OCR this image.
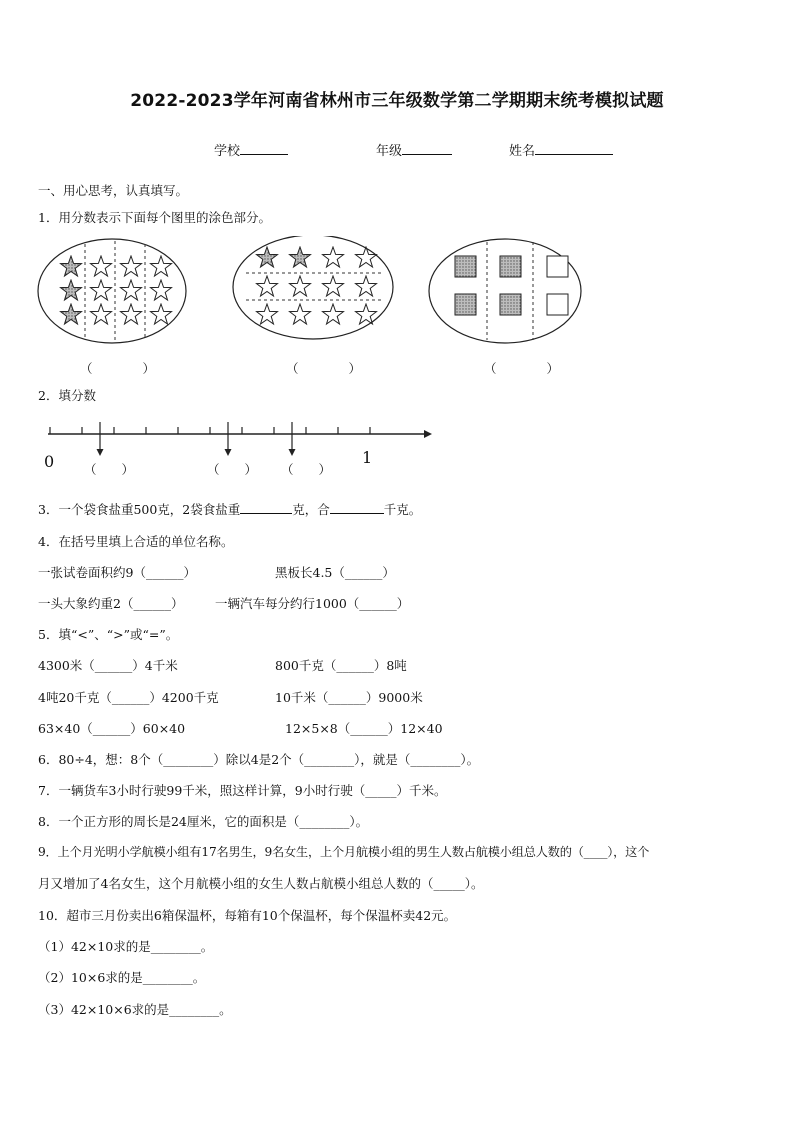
2022-2023学年河南省林州市三年级数学第二学期期末统考模拟试题
学校	年级	姓名
一、用心思考，认真填写。
1．用分数表示下面每个图里的涂色部分。
（　　　　）	（　　　　）	（　　　　）
2．填分数
0	1
（　　）	（　　） （　　）
3．一个袋食盐重500克，2袋食盐重	克，合	千克。
4．在括号里填上合适的单位名称。
一张试卷面积约9（______）	黑板长4.5（______）
一头大象约重2（______）	一辆汽车每分约行1000（______）
5．填“<”、“>”或“=”。
4300米（______）4千米	800千克（______）8吨
4吨20千克（______）4200千克	10千米（______）9000米
63×40（______）60×40	12×5×8（______）12×40
6．80÷4，想：8个（________）除以4是2个（________），就是（________）。
7．一辆货车3小时行驶99千米，照这样计算，9小时行驶（_____）千米。
8．一个正方形的周长是24厘米，它的面积是（________）。
9．上个月光明小学航模小组有17名男生，9名女生，上个月航模小组的男生人数占航模小组总人数的（____），这个
月又增加了4名女生，这个月航模小组的女生人数占航模小组总人数的（_____）。
10．超市三月份卖出6箱保温杯，每箱有10个保温杯，每个保温杯卖42元。
（1）42×10求的是________。
（2）10×6求的是________。
（3）42×10×6求的是________。
